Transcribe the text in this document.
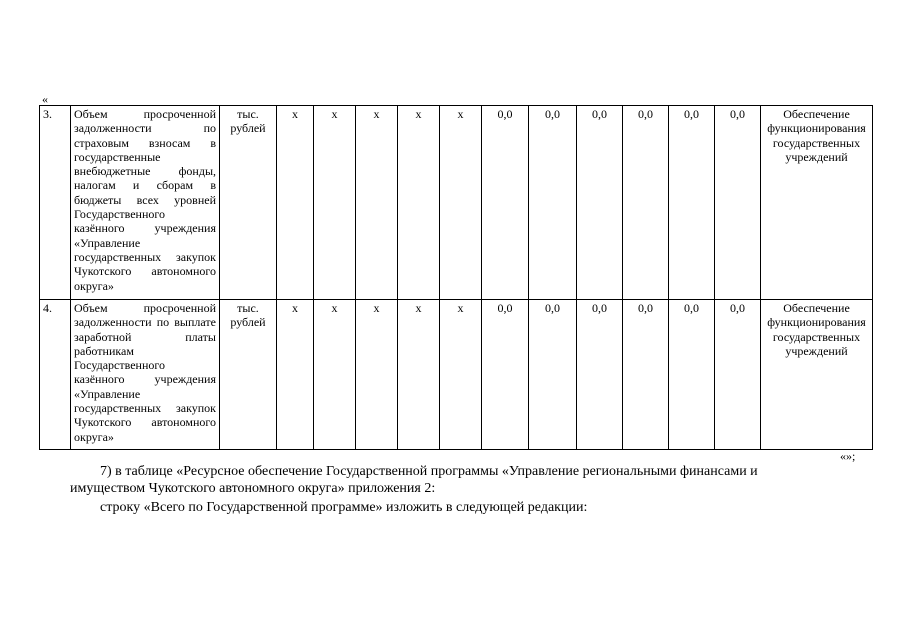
«
3.	Объем просроченной задолженности по страховым взносам в государственные внебюджетные фонды, налогам и сборам в бюджеты всех уровней Государственного казённого учреждения «Управление государственных закупок Чукотского автономного округа»	тыс. рублей	х	х	х	х	х	0,0	0,0	0,0	0,0	0,0	0,0	Обеспечение функционирования государственных учреждений
4.	Объем просроченной задолженности по выплате заработной платы работникам Государственного казённого учреждения «Управление государственных закупок Чукотского автономного округа»	тыс. рублей	х	х	х	х	х	0,0	0,0	0,0	0,0	0,0	0,0	Обеспечение функционирования государственных учреждений
«»;
7) в таблице «Ресурсное обеспечение Государственной программы «Управление региональными финансами и
имуществом Чукотского автономного округа» приложения 2:
строку «Всего по Государственной программе» изложить в следующей редакции:
